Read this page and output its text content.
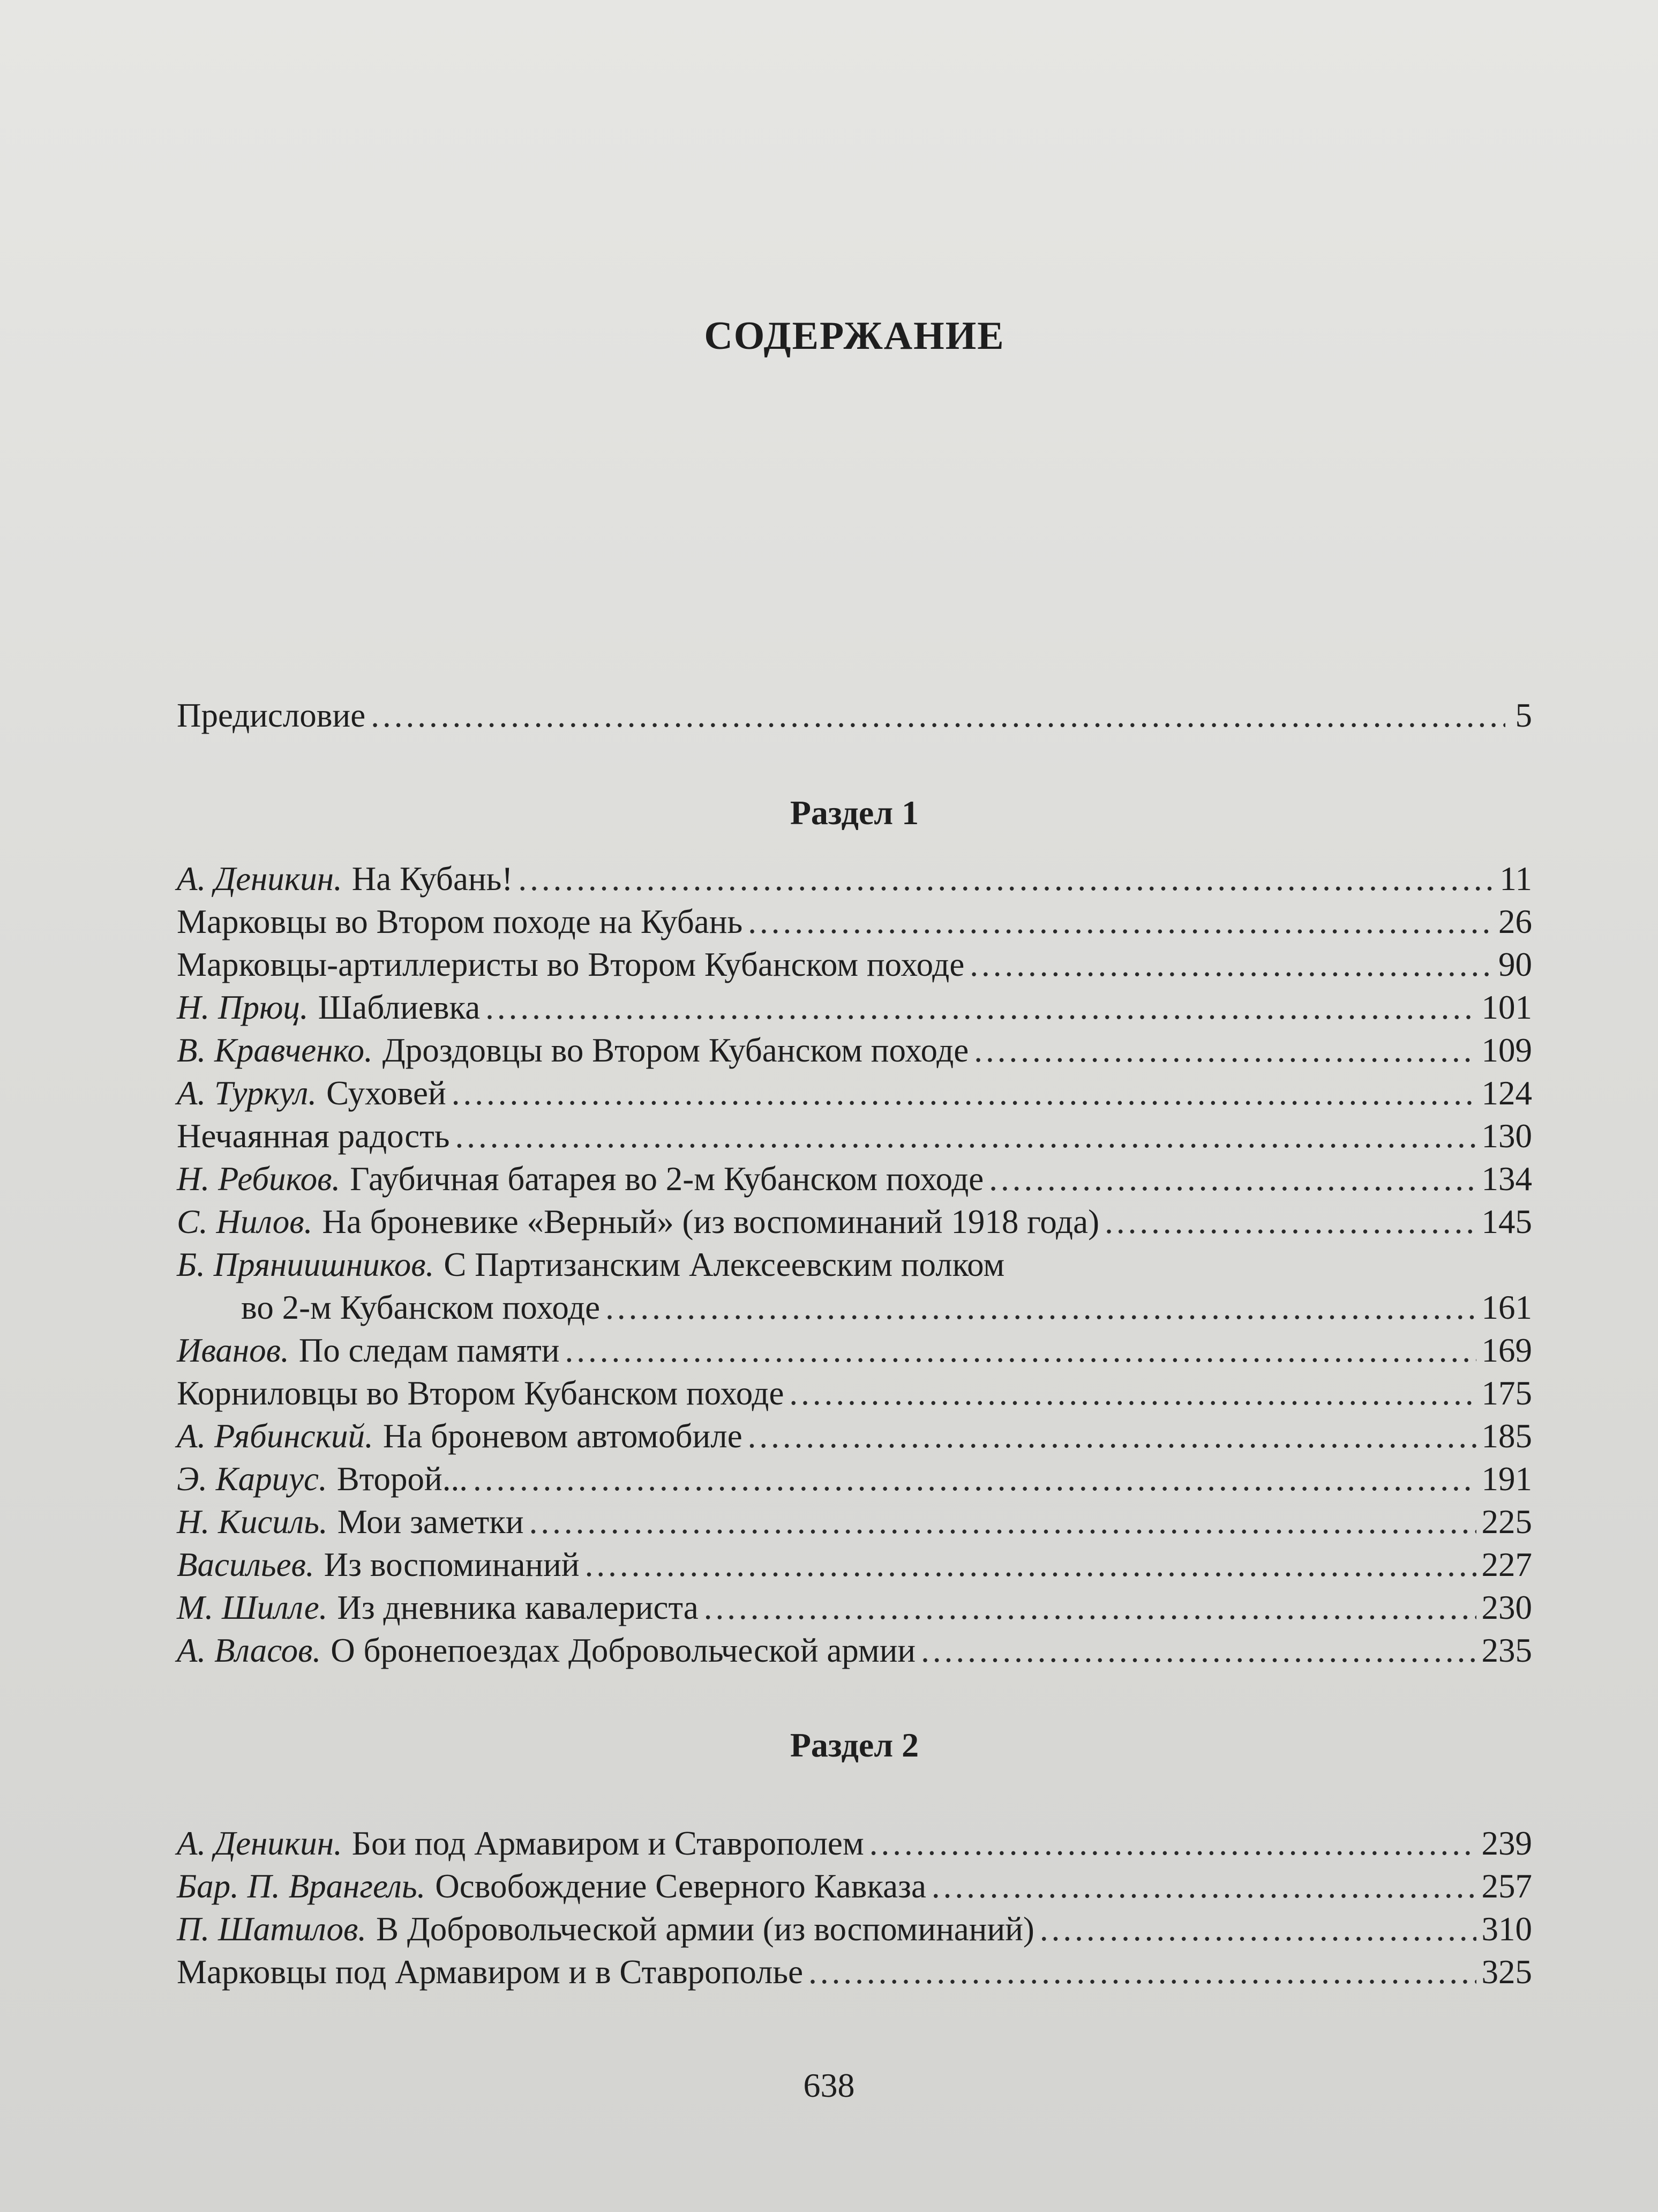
СОДЕРЖАНИЕ
Предисловие .....	5
Раздел 1
А. Деникин. На Кубань! .....	11
Марковцы во Втором походе на Кубань .....	26
Марковцы-артиллеристы во Втором Кубанском походе .....	90
Н. Прюц. Шаблиевка .....	101
В. Кравченко. Дроздовцы во Втором Кубанском походе .....	109
А. Туркул. Суховей .....	124
Нечаянная радость .....	130
Н. Ребиков. Гаубичная батарея во 2-м Кубанском походе .....	134
С. Нилов. На броневике «Верный» (из воспоминаний 1918 года) .....	145
Б. Пряниишников. С Партизанским Алексеевским полком
во 2-м Кубанском походе .....	161
Иванов. По следам памяти .....	169
Корниловцы во Втором Кубанском походе .....	175
А. Рябинский. На броневом автомобиле .....	185
Э. Кариус. Второй... .....	191
Н. Кисиль. Мои заметки .....	225
Васильев. Из воспоминаний .....	227
М. Шилле. Из дневника кавалериста .....	230
А. Власов. О бронепоездах Добровольческой армии .....	235
Раздел 2
А. Деникин. Бои под Армавиром и Ставрополем .....	239
Бар. П. Врангель. Освобождение Северного Кавказа .....	257
П. Шатилов. В Добровольческой армии (из воспоминаний) .....	310
Марковцы под Армавиром и в Ставрополье .....	325
638
